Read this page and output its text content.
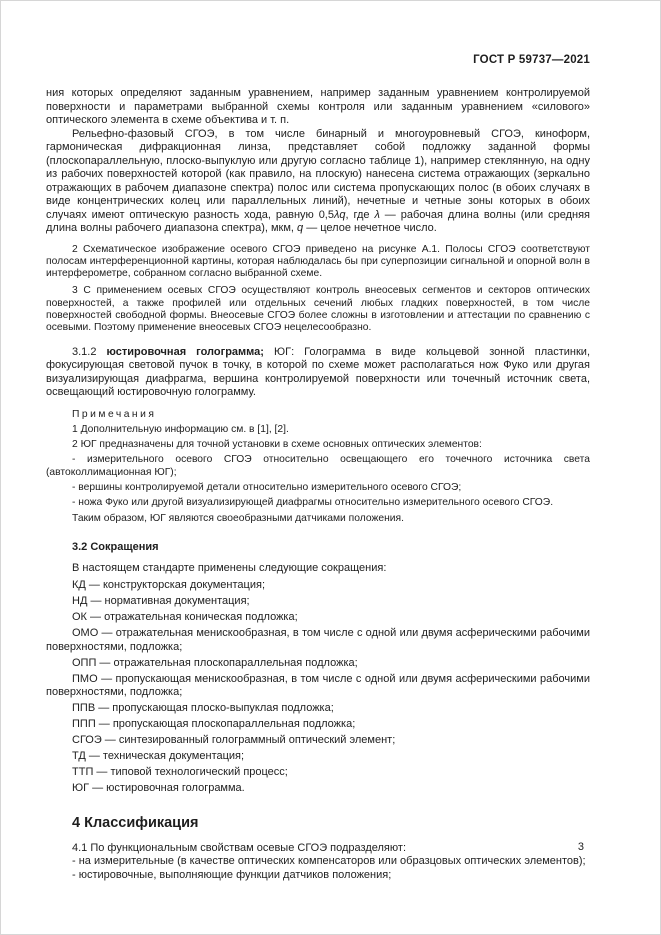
ГОСТ Р 59737—2021

ния которых определяют заданным уравнением, например заданным уравнением контролируемой поверхности и параметрами выбранной схемы контроля или заданным уравнением «силового» оптического элемента в схеме объектива и т. п.

Рельефно-фазовый СГОЭ, в том числе бинарный и многоуровневый СГОЭ, киноформ, гармоническая дифракционная линза, представляет собой подложку заданной формы (плоскопараллельную, плоско-выпуклую или другую согласно таблице 1), например стеклянную, на одну из рабочих поверхностей которой (как правило, на плоскую) нанесена система отражающих (зеркально отражающих в рабочем диапазоне спектра) полос или система пропускающих полос (в обоих случаях в виде концентрических колец или параллельных линий), нечетные и четные зоны которых в обоих случаях имеют оптическую разность хода, равную 0,5λq, где λ — рабочая длина волны (или средняя длина волны рабочего диапазона спектра), мкм, q — целое нечетное число.

2 Схематическое изображение осевого СГОЭ приведено на рисунке А.1. Полосы СГОЭ соответствуют полосам интерференционной картины, которая наблюдалась бы при суперпозиции сигнальной и опорной волн в интерферометре, собранном согласно выбранной схеме.

3 С применением осевых СГОЭ осуществляют контроль внеосевых сегментов и секторов оптических поверхностей, а также профилей или отдельных сечений любых гладких поверхностей, в том числе поверхностей свободной формы. Внеосевые СГОЭ более сложны в изготовлении и аттестации по сравнению с осевыми. Поэтому применение внеосевых СГОЭ нецелесообразно.

3.1.2 юстировочная голограмма; ЮГ: Голограмма в виде кольцевой зонной пластинки, фокусирующая световой пучок в точку, в которой по схеме может располагаться нож Фуко или другая визуализирующая диафрагма, вершина контролируемой поверхности или точечный источник света, освещающий юстировочную голограмму.

Примечания

1 Дополнительную информацию см. в [1], [2].

2 ЮГ предназначены для точной установки в схеме основных оптических элементов:

- измерительного осевого СГОЭ относительно освещающего его точечного источника света (автоколлимационная ЮГ);

- вершины контролируемой детали относительно измерительного осевого СГОЭ;

- ножа Фуко или другой визуализирующей диафрагмы относительно измерительного осевого СГОЭ.

Таким образом, ЮГ являются своеобразными датчиками положения.

3.2 Сокращения

В настоящем стандарте применены следующие сокращения:

КД — конструкторская документация;

НД — нормативная документация;

ОК — отражательная коническая подложка;

ОМО — отражательная менискообразная, в том числе с одной или двумя асферическими рабочими поверхностями, подложка;

ОПП — отражательная плоскопараллельная подложка;

ПМО — пропускающая менискообразная, в том числе с одной или двумя асферическими рабочими поверхностями, подложка;

ППВ — пропускающая плоско-выпуклая подложка;

ППП — пропускающая плоскопараллельная подложка;

СГОЭ — синтезированный голограммный оптический элемент;

ТД — техническая документация;

ТТП — типовой технологический процесс;

ЮГ — юстировочная голограмма.

4 Классификация

4.1 По функциональным свойствам осевые СГОЭ подразделяют:

- на измерительные (в качестве оптических компенсаторов или образцовых оптических элементов);

- юстировочные, выполняющие функции датчиков положения;

3
